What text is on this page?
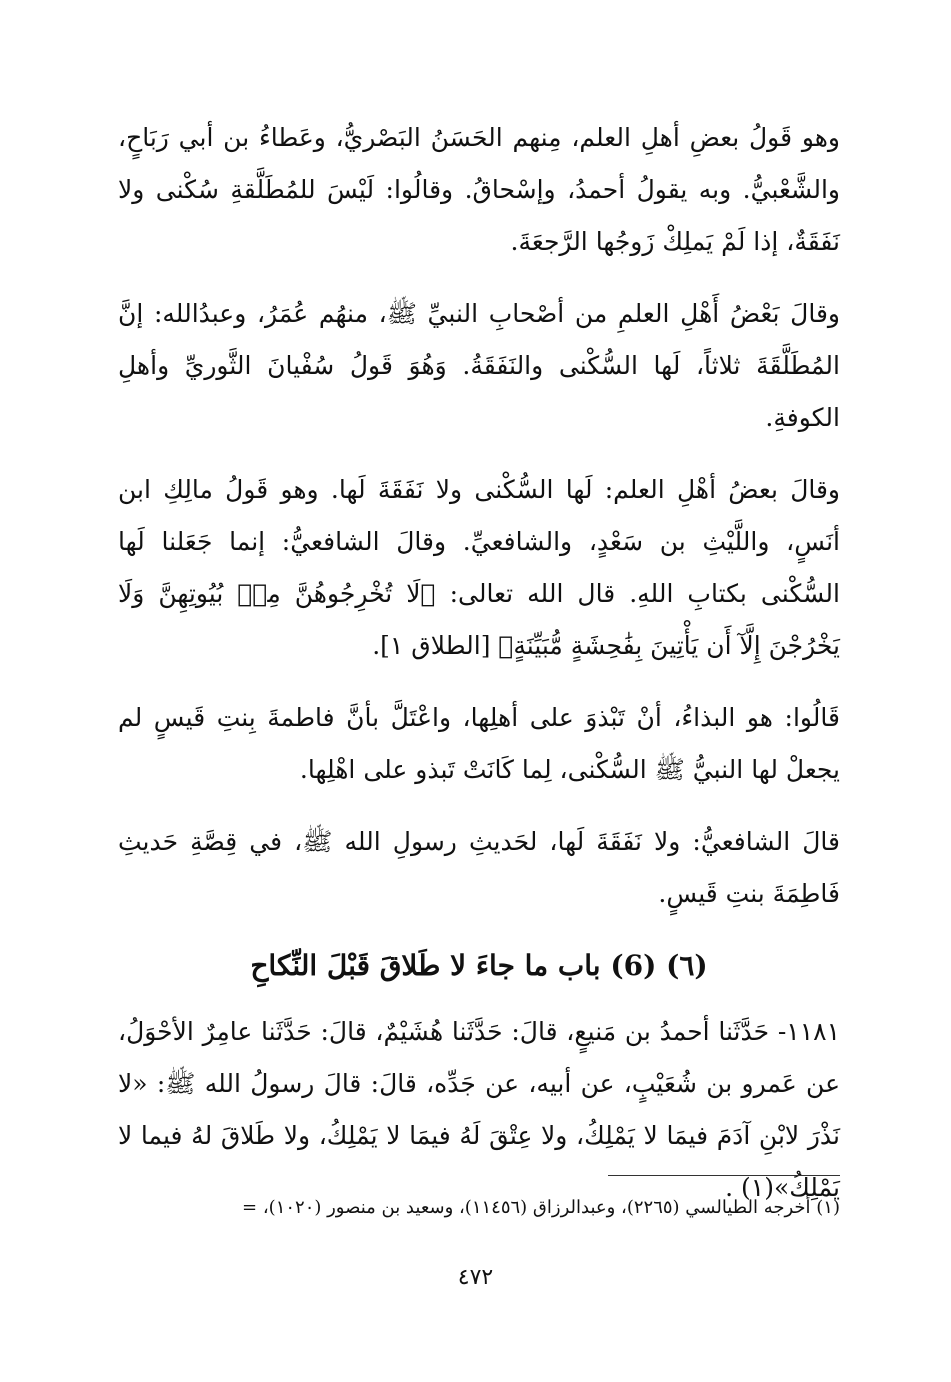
وهو قَولُ بعضِ أهلِ العلم، مِنهم الحَسَنُ البَصْريُّ، وعَطاءُ بن أبي رَبَاحٍ، والشَّعْبيُّ. وبه يقولُ أحمدُ، وإسْحاقُ. وقالُوا: لَيْسَ للمُطَلَّقةِ سُكْنى ولا نَفَقَةٌ، إذا لَمْ يَملِكْ زَوجُها الرَّجعَةَ.

وقالَ بَعْضُ أَهْلِ العلمِ من أصْحابِ النبيِّ ﷺ، منهُم عُمَرُ، وعبدُالله: إنَّ المُطَلَّقَةَ ثلاثاً، لَها السُّكْنى والنَفَقَةُ. وَهُوَ قَولُ سُفْيانَ الثَّوريِّ وأهلِ الكوفةِ.

وقالَ بعضُ أهْلِ العلم: لَها السُّكْنى ولا نَفَقَةَ لَها. وهو قَولُ مالِكِ ابن أنَسٍ، واللَّيْثِ بن سَعْدٍ، والشافعيِّ. وقالَ الشافعيُّ: إنما جَعَلنا لَها السُّكْنى بكتابِ اللهِ. قال الله تعالى: ﴿لَا تُخْرِجُوهُنَّ مِنۢ بُيُوتِهِنَّ وَلَا يَخْرُجْنَ إِلَّآ أَن يَأْتِينَ بِفَٰحِشَةٍ مُّبَيِّنَةٍ﴾ [الطلاق ١].

قَالُوا: هو البذاءُ، أنْ تَبْذوَ على أهلِها، واعْتَلَّ بأنَّ فاطمةَ بِنتِ قَيسٍ لم يجعلْ لها النبيُّ ﷺ السُّكْنى، لِما كَانَتْ تَبذو على اهْلِها.

قالَ الشافعيُّ: ولا نَفَقَةَ لَها، لحَديثِ رسولِ الله ﷺ، في قِصَّةِ حَديثِ فَاطِمَةَ بنتِ قَيسٍ.

(٦) (6) باب ما جاءَ لا طَلاقَ قَبْلَ النِّكاحِ

١١٨١- حَدَّثَنا أحمدُ بن مَنيعٍ، قالَ: حَدَّثَنا هُشَيْمٌ، قالَ: حَدَّثَنا عامِرٌ الأحْوَلُ، عن عَمرو بن شُعَيْبٍ، عن أبيه، عن جَدِّه، قالَ: قالَ رسولُ الله ﷺ: «لا نَذْرَ لابْنِ آدَمَ فيمَا لا يَمْلِكُ، ولا عِتْقَ لَهُ فيمَا لا يَمْلِكُ، ولا طَلاقَ لهُ فيما لا يَمْلِكُ»(١) .

(١) أخرجه الطيالسي (٢٢٦٥)، وعبدالرزاق (١١٤٥٦)، وسعيد بن منصور (١٠٢٠)، =
٤٧٢
